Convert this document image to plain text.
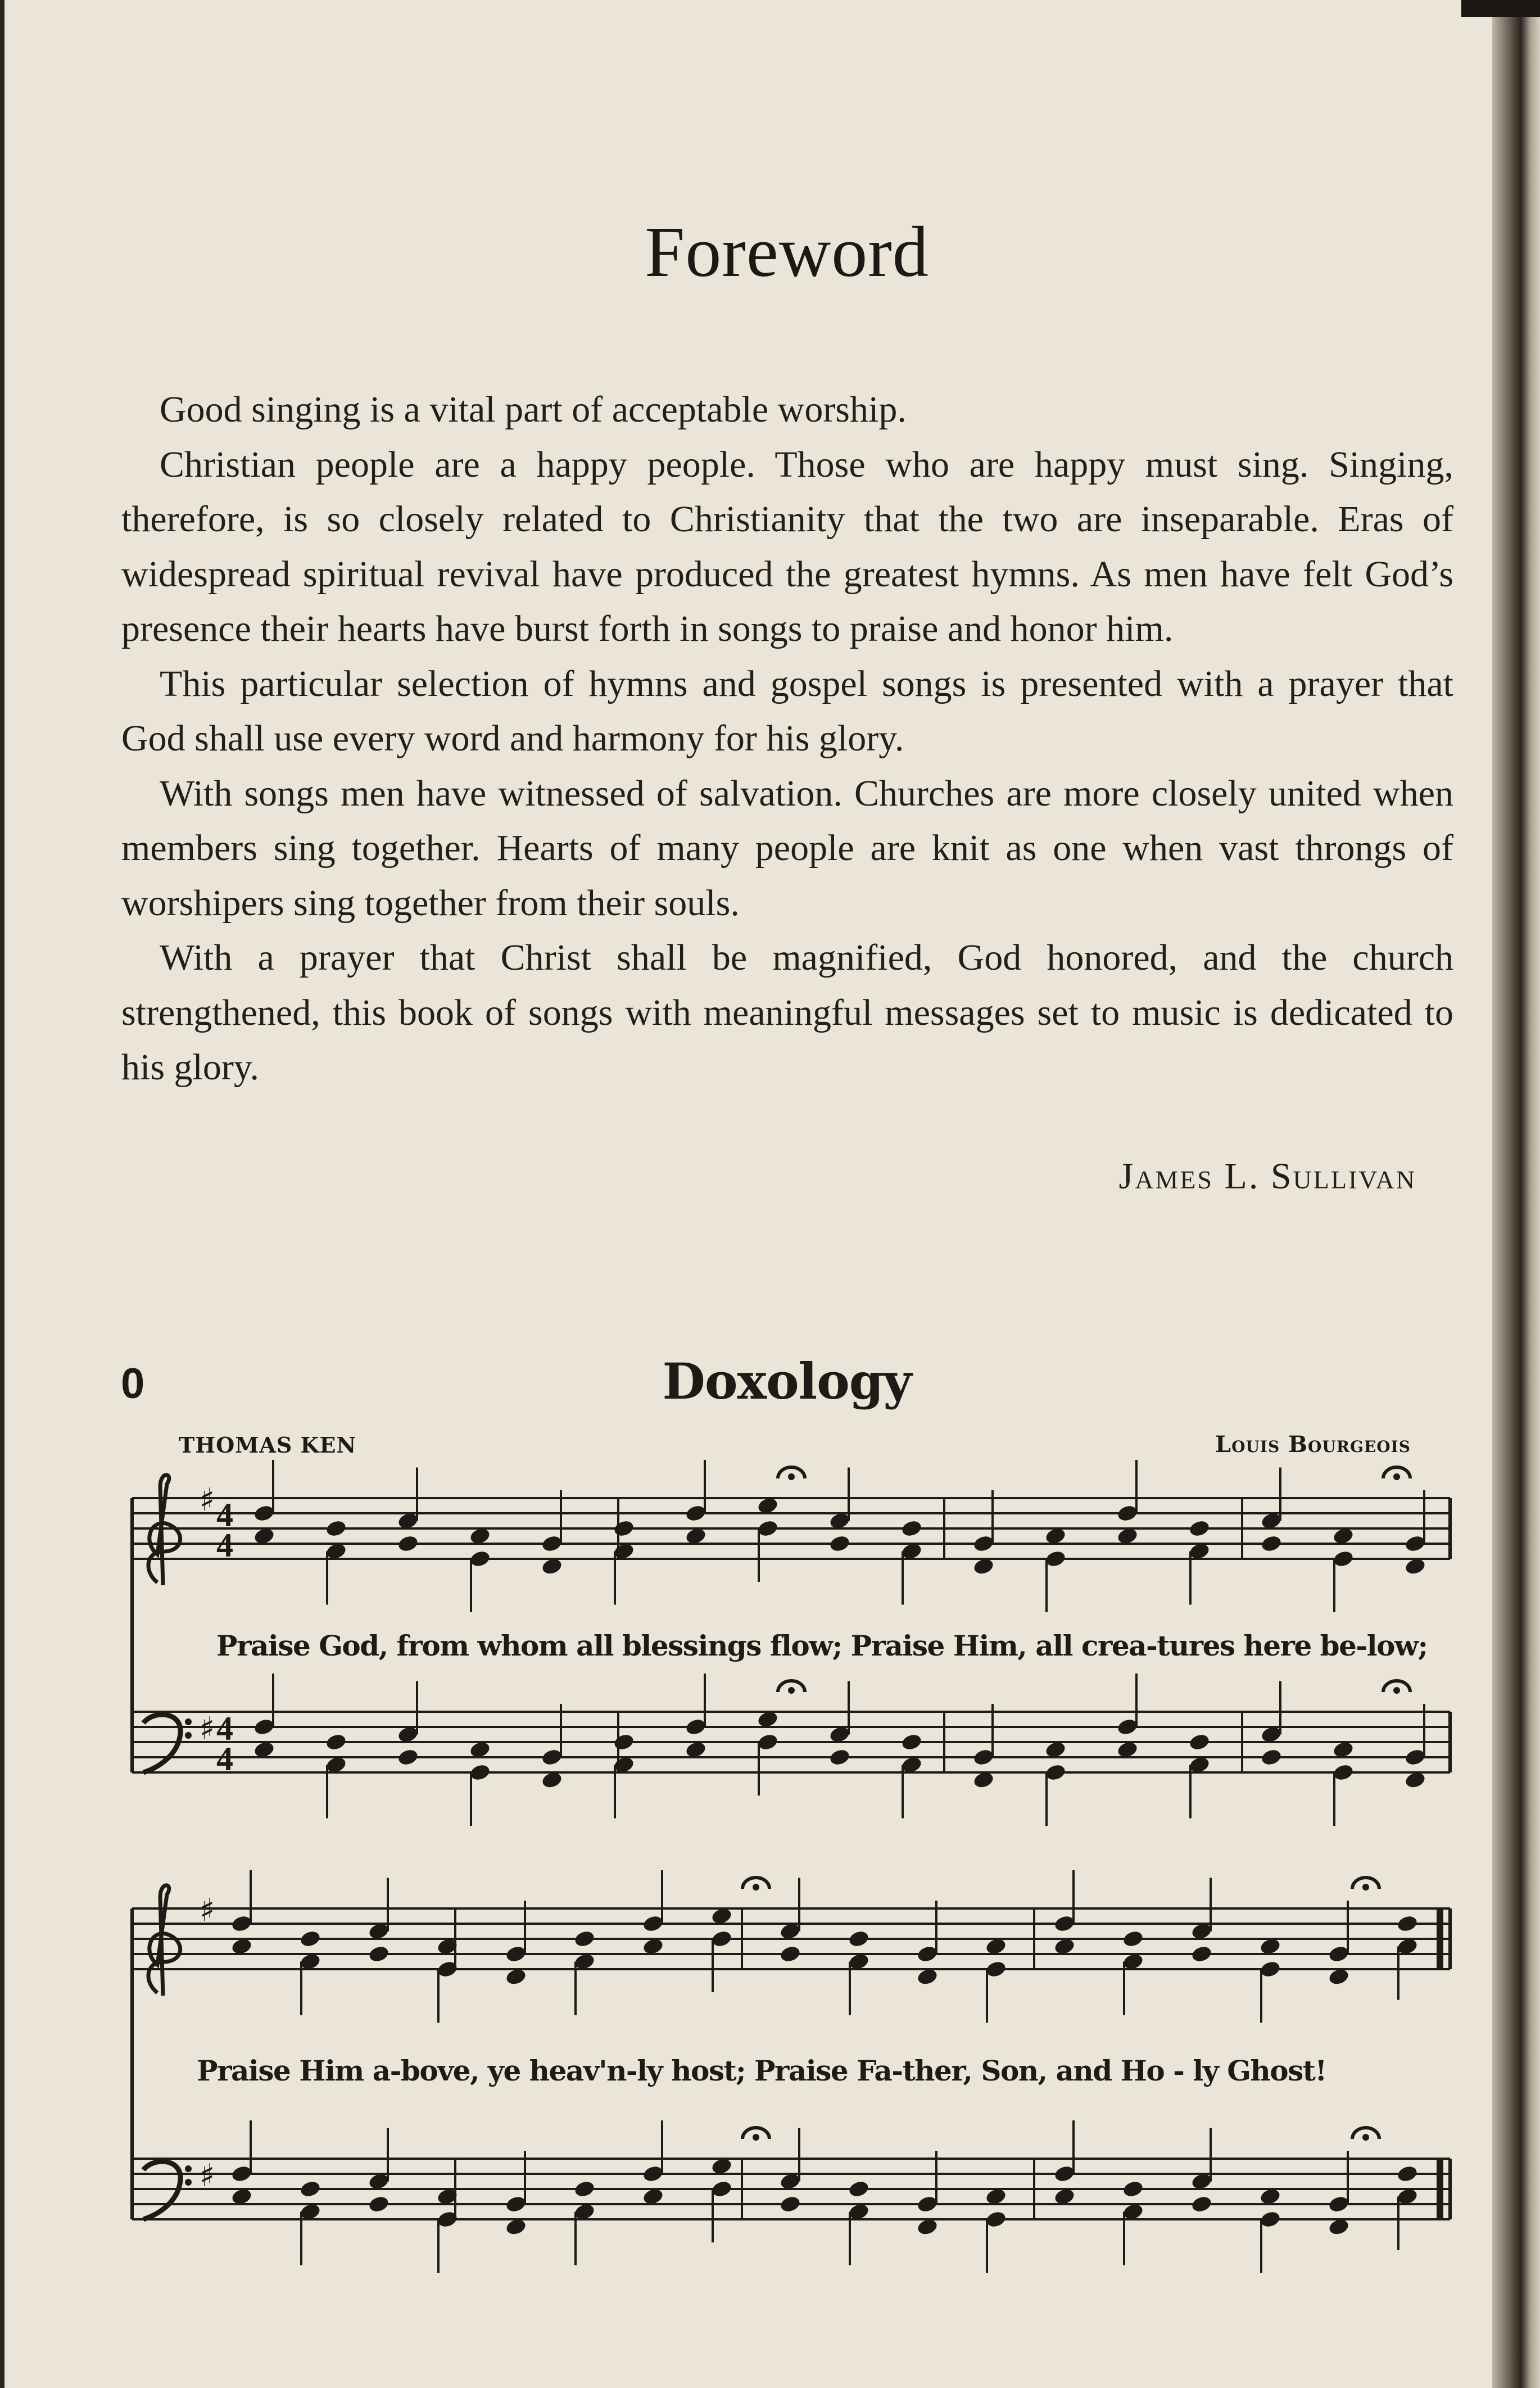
Foreword

Good singing is a vital part of acceptable worship.

Christian people are a happy people. Those who are happy must sing. Singing, therefore, is so closely related to Christianity that the two are inseparable. Eras of widespread spiritual revival have produced the greatest hymns. As men have felt God’s presence their hearts have burst forth in songs to praise and honor him.

This particular selection of hymns and gospel songs is presented with a prayer that God shall use every word and harmony for his glory.

With songs men have witnessed of salvation. Churches are more closely united when members sing together. Hearts of many people are knit as one when vast throngs of worshipers sing together from their souls.

With a prayer that Christ shall be magnified, God honored, and the church strengthened, this book of songs with meaningful messages set to music is dedicated to his glory.

James L. Sullivan
0	Doxology
THOMAS KEN	Louis Bourgeois
♯ 4
4
♯ 4
4
♯
♯
Praise God, from whom all blessings flow; Praise Him, all crea-tures here be-low;
Praise Him a-bove, ye heav'n-ly host; Praise Fa-ther, Son, and Ho - ly Ghost!
